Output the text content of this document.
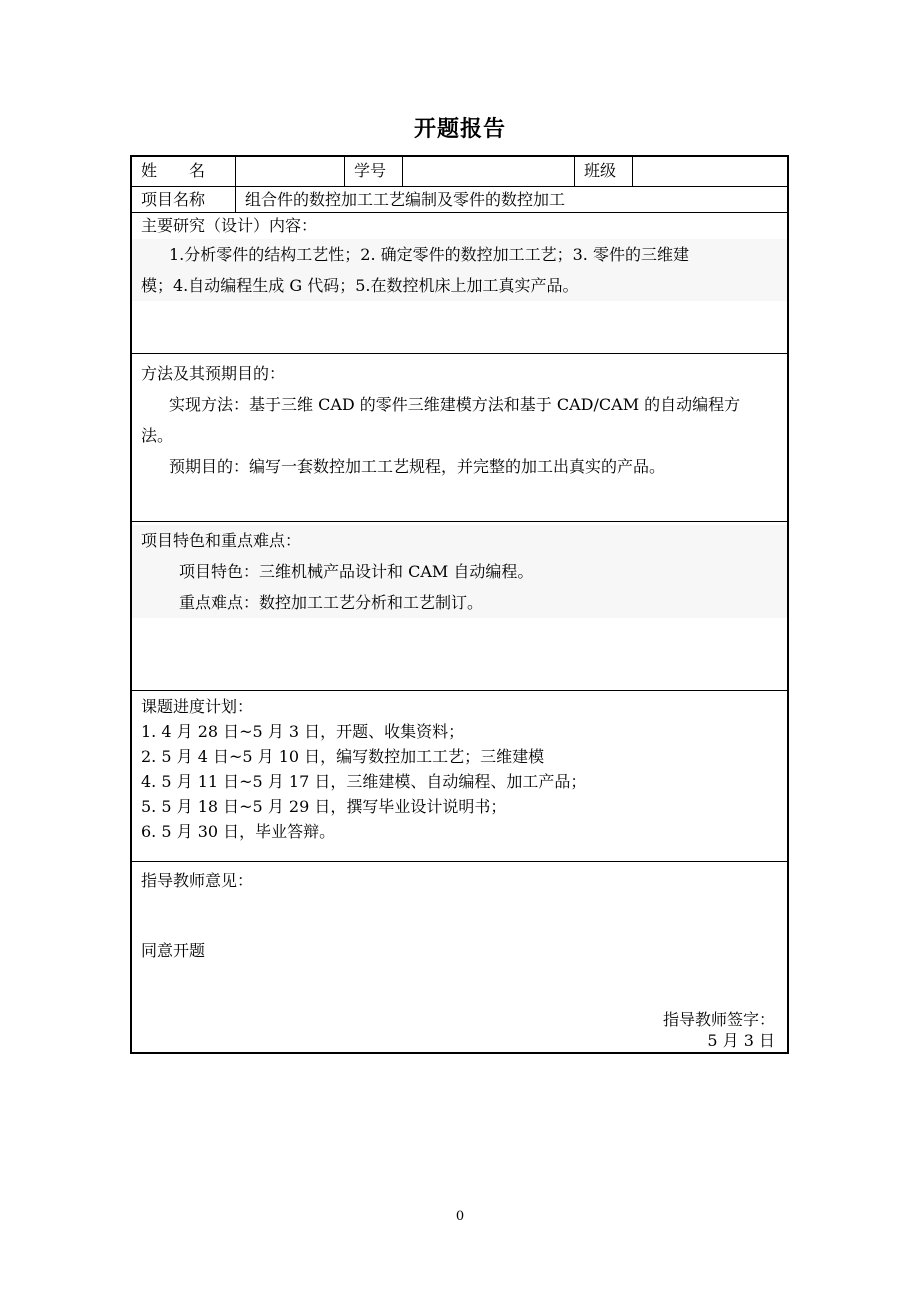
开题报告
姓　　名	学号	班级
项目名称	组合件的数控加工工艺编制及零件的数控加工
主要研究（设计）内容：
1.分析零件的结构工艺性；2. 确定零件的数控加工工艺；3. 零件的三维建
模；4.自动编程生成 G 代码；5.在数控机床上加工真实产品。
方法及其预期目的：
实现方法：基于三维 CAD 的零件三维建模方法和基于 CAD/CAM 的自动编程方
法。
预期目的：编写一套数控加工工艺规程，并完整的加工出真实的产品。
项目特色和重点难点：
项目特色：三维机械产品设计和 CAM 自动编程。
重点难点：数控加工工艺分析和工艺制订。
课题进度计划：
1. 4 月 28 日~5 月 3 日，开题、收集资料；
2. 5 月 4 日~5 月 10 日，编写数控加工工艺；三维建模
4. 5 月 11 日~5 月 17 日，三维建模、自动编程、加工产品；
5. 5 月 18 日~5 月 29 日，撰写毕业设计说明书；
6. 5 月 30 日，毕业答辩。
指导教师意见：
同意开题
指导教师签字：
5 月 3 日
0
